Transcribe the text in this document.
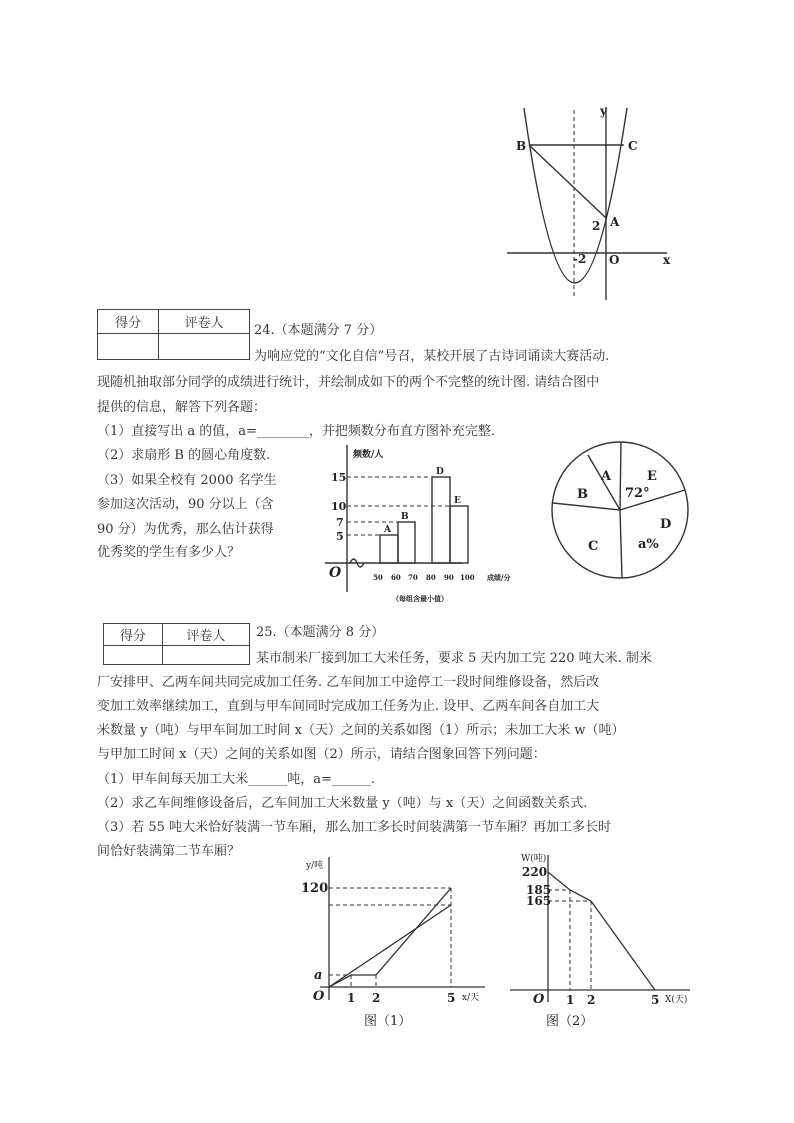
y
B	C
A
2
-2 O	x
得分	评卷人
	24.（本题满分 7 分）
为响应党的“文化自信”号召，某校开展了古诗词诵读大赛活动.
现随机抽取部分同学的成绩进行统计，并绘制成如下的两个不完整的统计图. 请结合图中
提供的信息，解答下列各题：
（1）直接写出 a 的值，a=________，并把频数分布直方图补充完整.
（2）求扇形 B 的圆心角度数.
（3）如果全校有 2000 名学生
参加这次活动，90 分以上（含
90 分）为优秀，那么估计获得
优秀奖的学生有多少人？
频数/人
15
10
7
5	A
B
D
E
O	50 60 70 80 90 100 成绩/分
（每组含最小值）
B
A	E
72°
D
a%
C
得分	评卷人
	25.（本题满分 8 分）
某市制米厂接到加工大米任务，要求 5 天内加工完 220 吨大米. 制米
厂安排甲、乙两车间共同完成加工任务. 乙车间加工中途停工一段时间维修设备，然后改
变加工效率继续加工，直到与甲车间同时完成加工任务为止. 设甲、乙两车间各自加工大
米数量 y（吨）与甲车间加工时间 x（天）之间的关系如图（1）所示；未加工大米 w（吨）
与甲加工时间 x（天）之间的关系如图（2）所示，请结合图象回答下列问题：
（1）甲车间每天加工大米______吨，a=______.
（2）求乙车间维修设备后，乙车间加工大米数量 y（吨）与 x（天）之间函数关系式.
（3）若 55 吨大米恰好装满一节车厢，那么加工多长时间装满第一节车厢？再加工多长时
间恰好装满第二节车厢？
y/吨
120
a
O 1 2	5 x/天
图（1）
W(吨)
220
185
165
O 1 2	5 X(天)
图（2）
